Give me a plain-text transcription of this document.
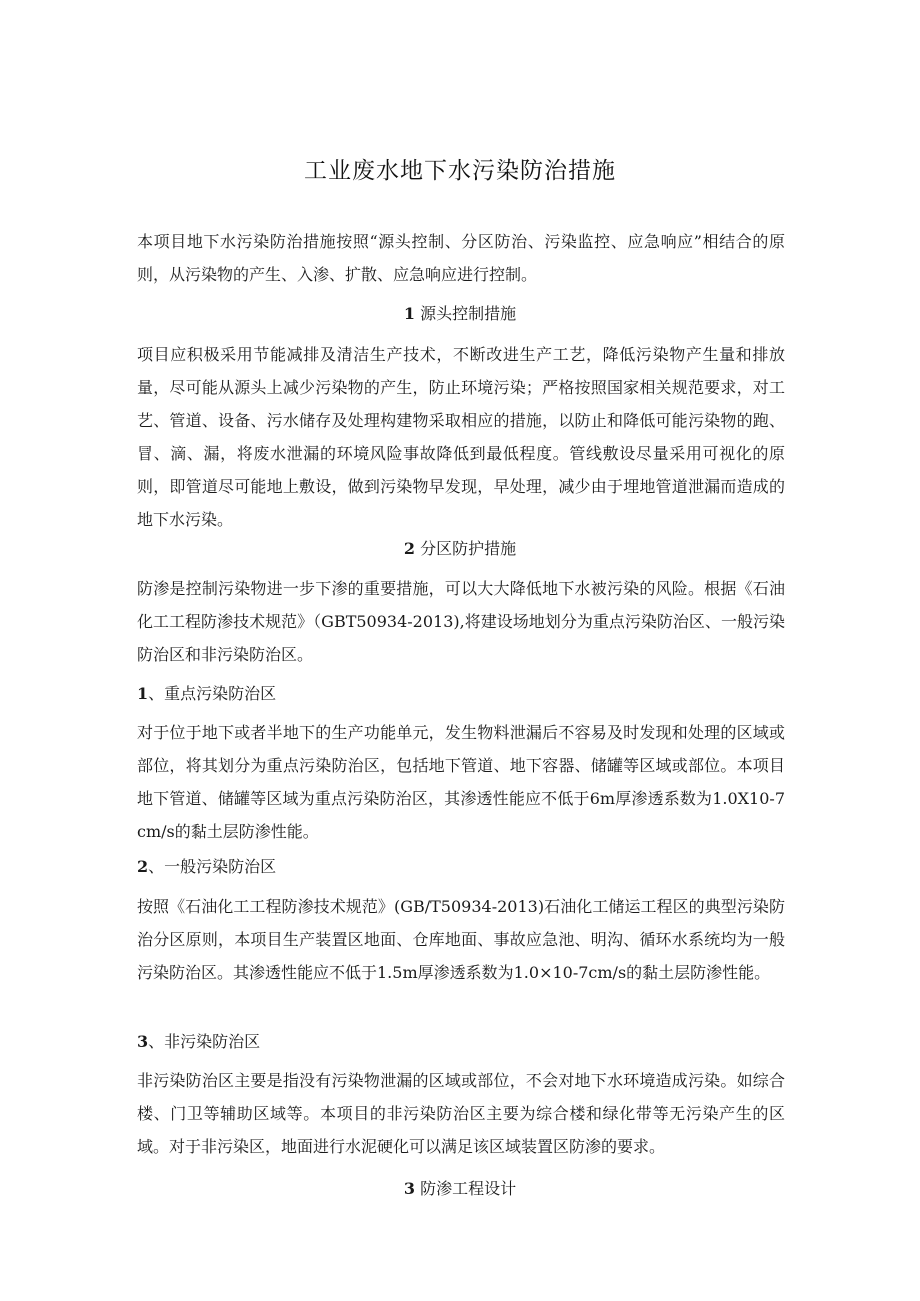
工业废水地下水污染防治措施

本项目地下水污染防治措施按照“源头控制、分区防治、污染监控、应急响应”相结合的原则，从污染物的产生、入渗、扩散、应急响应进行控制。

1 源头控制措施

项目应积极采用节能减排及清洁生产技术，不断改进生产工艺，降低污染物产生量和排放量，尽可能从源头上减少污染物的产生，防止环境污染；严格按照国家相关规范要求，对工艺、管道、设备、污水储存及处理构建物采取相应的措施，以防止和降低可能污染物的跑、冒、滴、漏，将废水泄漏的环境风险事故降低到最低程度。管线敷设尽量采用可视化的原则，即管道尽可能地上敷设，做到污染物早发现，早处理，减少由于埋地管道泄漏而造成的地下水污染。

2 分区防护措施

防渗是控制污染物进一步下渗的重要措施，可以大大降低地下水被污染的风险。根据《石油化工工程防渗技术规范》（GBT50934-2013),将建设场地划分为重点污染防治区、一般污染防治区和非污染防治区。

1、重点污染防治区

对于位于地下或者半地下的生产功能单元，发生物料泄漏后不容易及时发现和处理的区域或部位，将其划分为重点污染防治区，包括地下管道、地下容器、储罐等区域或部位。本项目地下管道、储罐等区域为重点污染防治区，其渗透性能应不低于6m厚渗透系数为1.0X10-7cm∕s的黏土层防渗性能。

2、一般污染防治区

按照《石油化工工程防渗技术规范》(GB/T50934-2013)石油化工储运工程区的典型污染防治分区原则，本项目生产装置区地面、仓库地面、事故应急池、明沟、循环水系统均为一般污染防治区。其渗透性能应不低于1.5m厚渗透系数为1.0×10-7cm∕s的黏土层防渗性能。

3、非污染防治区

非污染防治区主要是指没有污染物泄漏的区域或部位，不会对地下水环境造成污染。如综合楼、门卫等辅助区域等。本项目的非污染防治区主要为综合楼和绿化带等无污染产生的区域。对于非污染区，地面进行水泥硬化可以满足该区域装置区防渗的要求。

3 防渗工程设计
